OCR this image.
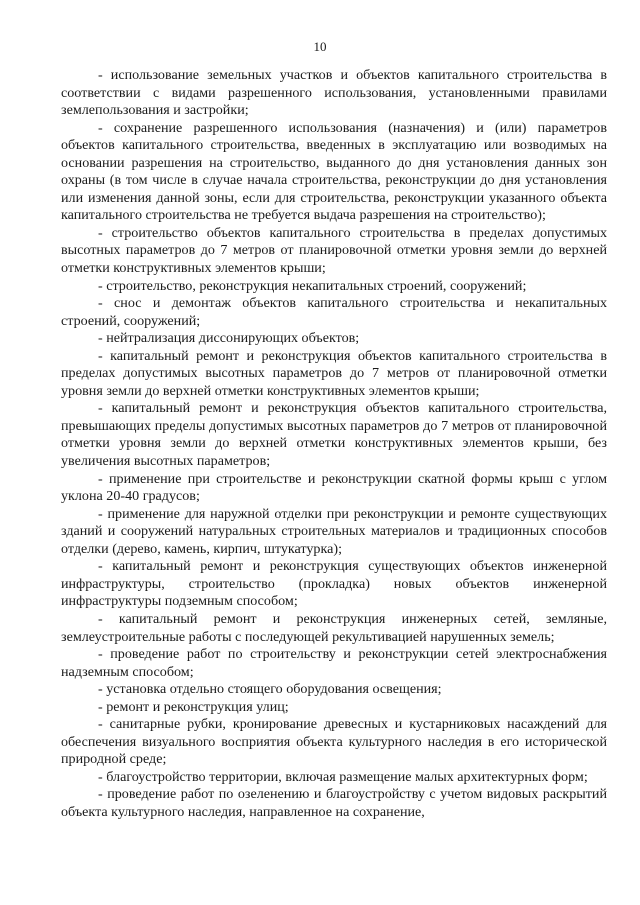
10

- использование земельных участков и объектов капитального строительства в соответствии с видами разрешенного использования, установленными правилами землепользования и застройки;

- сохранение разрешенного использования (назначения) и (или) параметров объектов капитального строительства, введенных в эксплуатацию или возводимых на основании разрешения на строительство, выданного до дня установления данных зон охраны (в том числе в случае начала строительства, реконструкции до дня установления или изменения данной зоны, если для строительства, реконструкции указанного объекта капитального строительства не требуется выдача разрешения на строительство);

- строительство объектов капитального строительства в пределах допустимых высотных параметров до 7 метров от планировочной отметки уровня земли до верхней отметки конструктивных элементов крыши;

- строительство, реконструкция некапитальных строений, сооружений;

- снос и демонтаж объектов капитального строительства и некапитальных строений, сооружений;

- нейтрализация диссонирующих объектов;

- капитальный ремонт и реконструкция объектов капитального строительства в пределах допустимых высотных параметров до 7 метров от планировочной отметки уровня земли до верхней отметки конструктивных элементов крыши;

- капитальный ремонт и реконструкция объектов капитального строительства, превышающих пределы допустимых высотных параметров до 7 метров от планировочной отметки уровня земли до верхней отметки конструктивных элементов крыши, без увеличения высотных параметров;

- применение при строительстве и реконструкции скатной формы крыш с углом уклона 20-40 градусов;

- применение для наружной отделки при реконструкции и ремонте существующих зданий и сооружений натуральных строительных материалов и традиционных способов отделки (дерево, камень, кирпич, штукатурка);

- капитальный ремонт и реконструкция существующих объектов инженерной инфраструктуры, строительство (прокладка) новых объектов инженерной инфраструктуры подземным способом;

- капитальный ремонт и реконструкция инженерных сетей, земляные, землеустроительные работы с последующей рекультивацией нарушенных земель;

- проведение работ по строительству и реконструкции сетей электроснабжения надземным способом;

- установка отдельно стоящего оборудования освещения;

- ремонт и реконструкция улиц;

- санитарные рубки, кронирование древесных и кустарниковых насаждений для обеспечения визуального восприятия объекта культурного наследия в его исторической природной среде;

- благоустройство территории, включая размещение малых архитектурных форм;

- проведение работ по озеленению и благоустройству с учетом видовых раскрытий объекта культурного наследия, направленное на сохранение,
